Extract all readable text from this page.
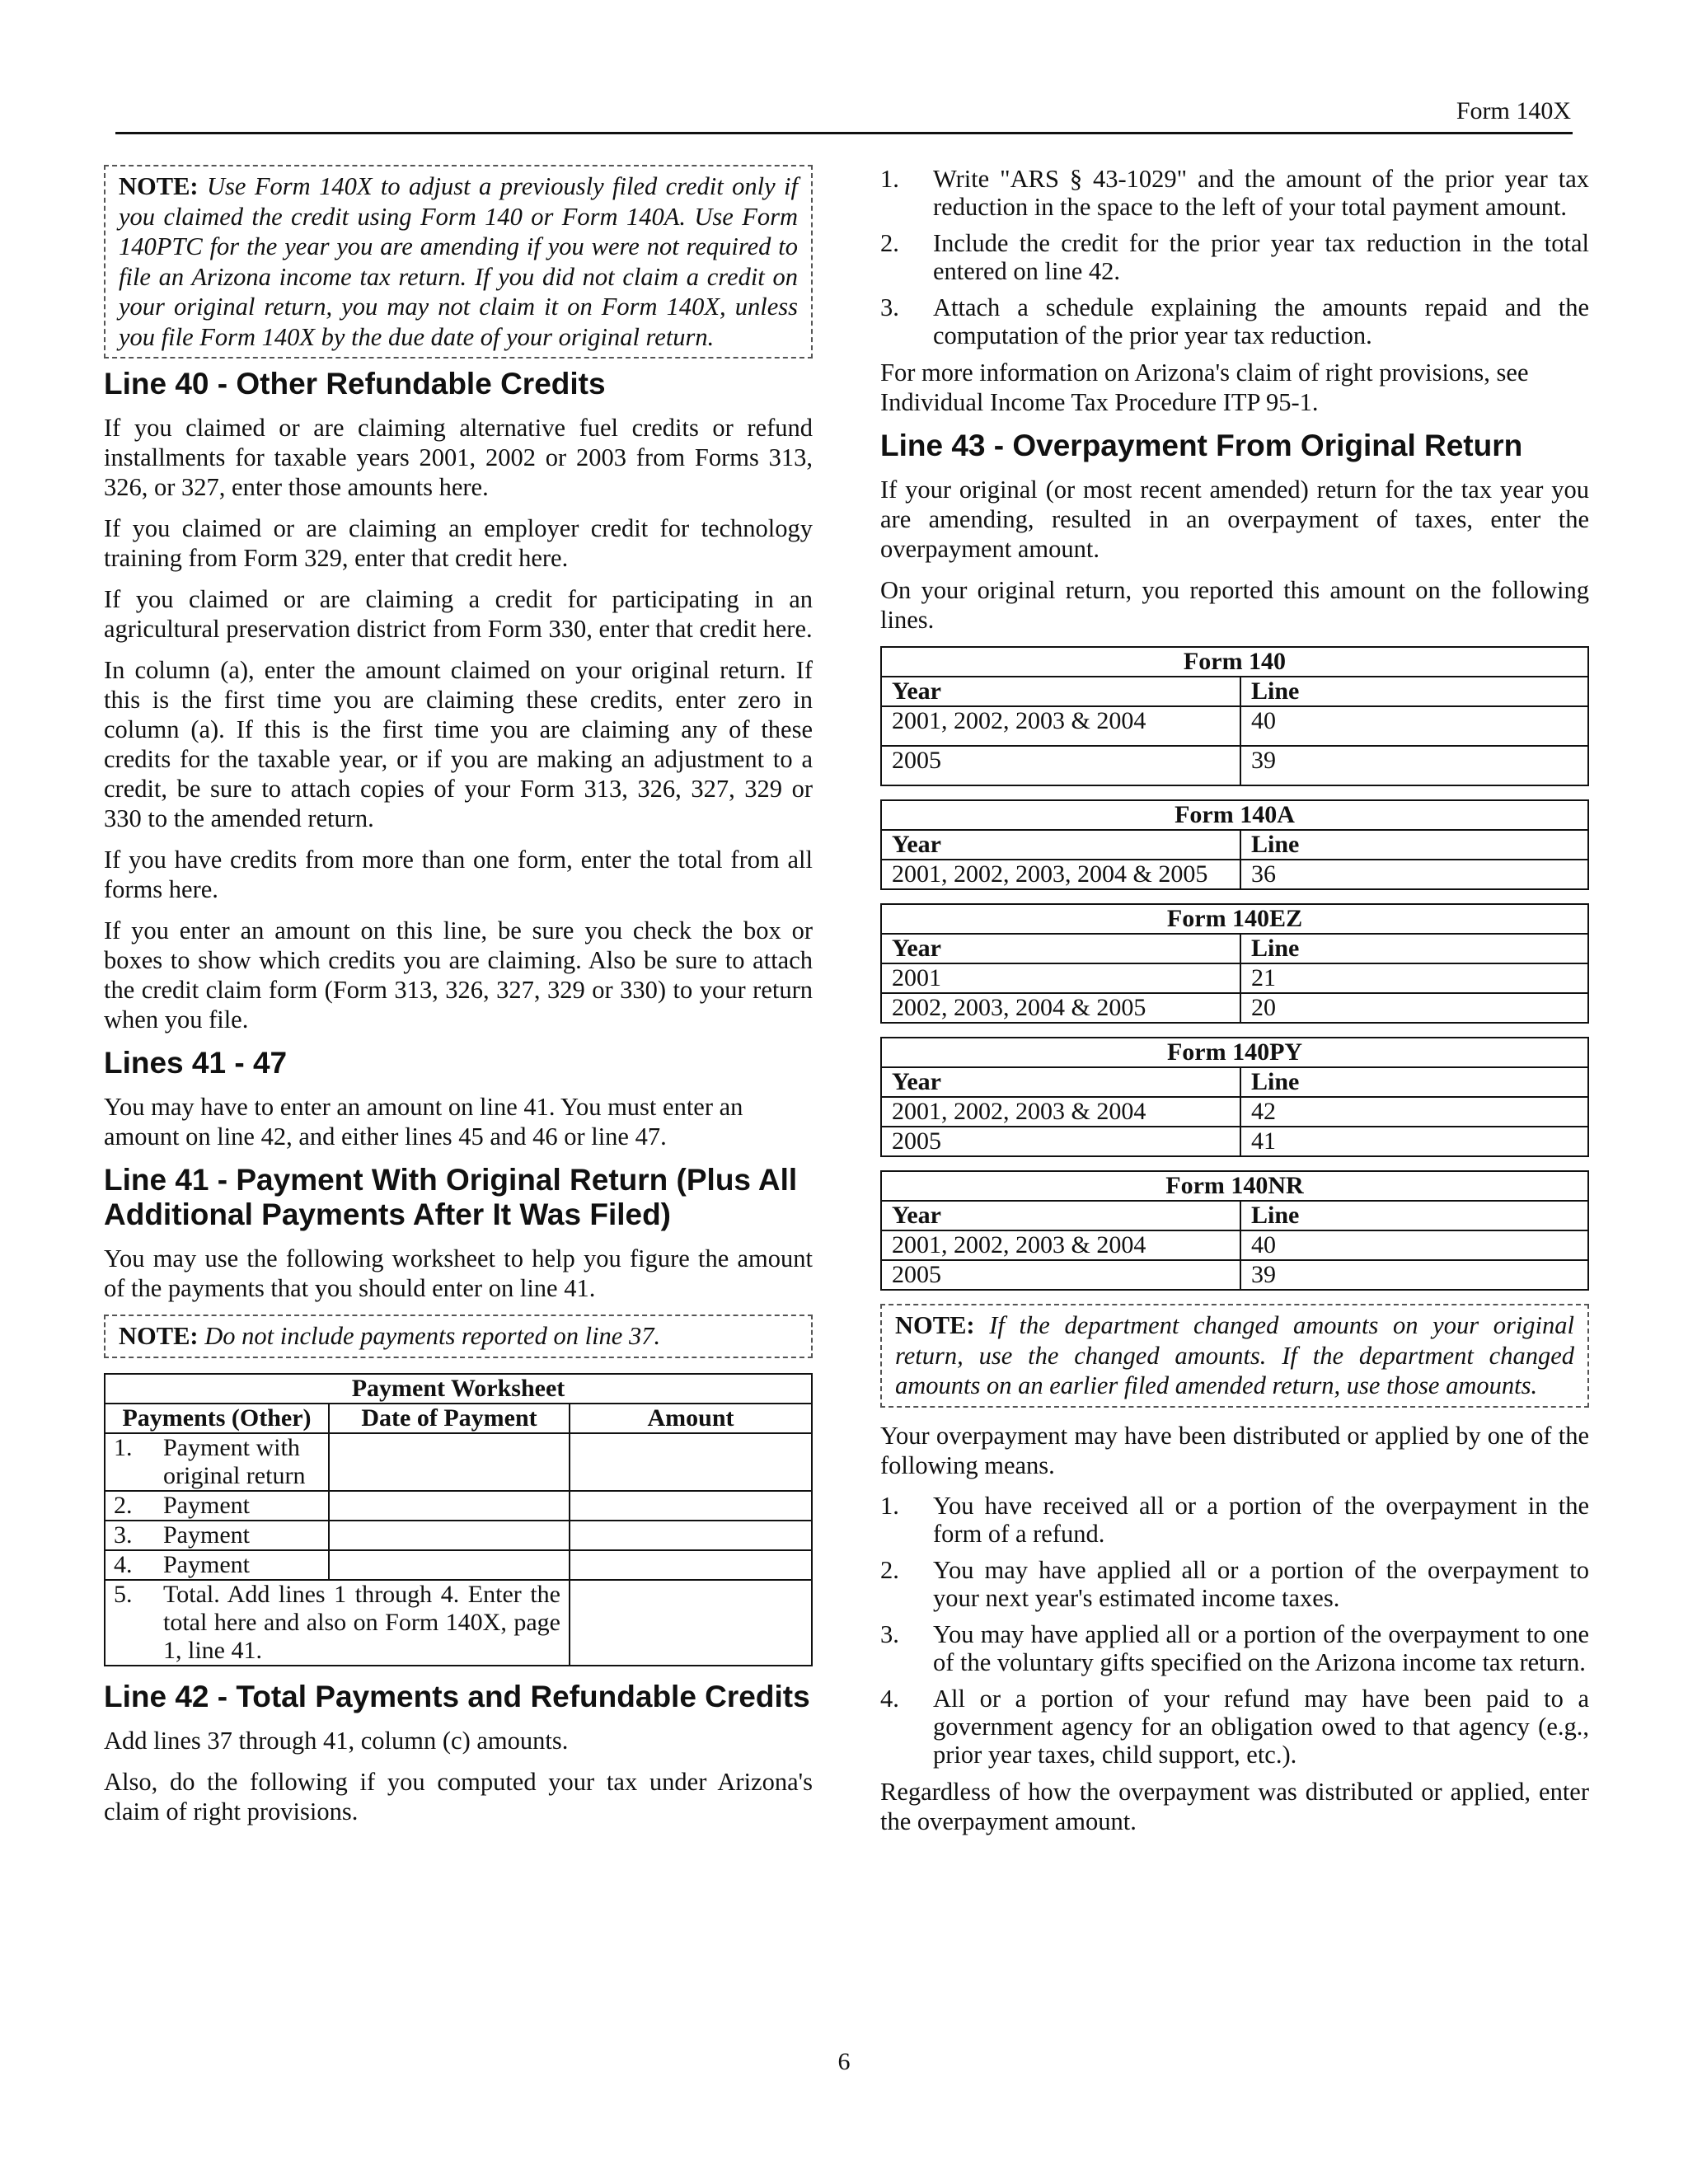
Form 140X
NOTE: Use Form 140X to adjust a previously filed credit only if you claimed the credit using Form 140 or Form 140A. Use Form 140PTC for the year you are amending if you were not required to file an Arizona income tax return. If you did not claim a credit on your original return, you may not claim it on Form 140X, unless you file Form 140X by the due date of your original return.
Line 40 - Other Refundable Credits

If you claimed or are claiming alternative fuel credits or refund installments for taxable years 2001, 2002 or 2003 from Forms 313, 326, or 327, enter those amounts here.

If you claimed or are claiming an employer credit for technology training from Form 329, enter that credit here.

If you claimed or are claiming a credit for participating in an agricultural preservation district from Form 330, enter that credit here.

In column (a), enter the amount claimed on your original return. If this is the first time you are claiming these credits, enter zero in column (a). If this is the first time you are claiming any of these credits for the taxable year, or if you are making an adjustment to a credit, be sure to attach copies of your Form 313, 326, 327, 329 or 330 to the amended return.

If you have credits from more than one form, enter the total from all forms here.

If you enter an amount on this line, be sure you check the box or boxes to show which credits you are claiming. Also be sure to attach the credit claim form (Form 313, 326, 327, 329 or 330) to your return when you file.

Lines 41 - 47

You may have to enter an amount on line 41. You must enter an amount on line 42, and either lines 45 and 46 or line 47.

Line 41 - Payment With Original Return (Plus All Additional Payments After It Was Filed)

You may use the following worksheet to help you figure the amount of the payments that you should enter on line 41.

NOTE: Do not include payments reported on line 37.
Payment Worksheet		
Payments (Other)	Date of Payment	Amount

1. Payment with original return		

2. Payment		

3. Payment		

4. Payment		

5. Total. Add lines 1 through 4. Enter the total here and also on Form 140X, page 1, line 41.		

Line 42 - Total Payments and Refundable Credits

Add lines 37 through 41, column (c) amounts.

Also, do the following if you computed your tax under Arizona's claim of right provisions.

1.	Write "ARS § 43-1029" and the amount of the prior year tax reduction in the space to the left of your total payment amount.
2.	Include the credit for the prior year tax reduction in the total entered on line 42.
3.	Attach a schedule explaining the amounts repaid and the computation of the prior year tax reduction.

For more information on Arizona's claim of right provisions, see Individual Income Tax Procedure ITP 95-1.

Line 43 - Overpayment From Original Return

If your original (or most recent amended) return for the tax year you are amending, resulted in an overpayment of taxes, enter the overpayment amount.

On your original return, you reported this amount on the following lines.

Form 140	
Year	Line
2001, 2002, 2003 & 2004	40
2005	39
Form 140A	
Year	Line
2001, 2002, 2003, 2004 & 2005	36
Form 140EZ	
Year	Line
2001	21
2002, 2003, 2004 & 2005	20
Form 140PY	
Year	Line
2001, 2002, 2003 & 2004	42
2005	41
Form 140NR	
Year	Line
2001, 2002, 2003 & 2004	40
2005	39
NOTE: If the department changed amounts on your original return, use the changed amounts. If the department changed amounts on an earlier filed amended return, use those amounts.

Your overpayment may have been distributed or applied by one of the following means.

1.	You have received all or a portion of the overpayment in the form of a refund.
2.	You may have applied all or a portion of the overpayment to your next year's estimated income taxes.
3.	You may have applied all or a portion of the overpayment to one of the voluntary gifts specified on the Arizona income tax return.
4.	All or a portion of your refund may have been paid to a government agency for an obligation owed to that agency (e.g., prior year taxes, child support, etc.).

Regardless of how the overpayment was distributed or applied, enter the overpayment amount.

6
